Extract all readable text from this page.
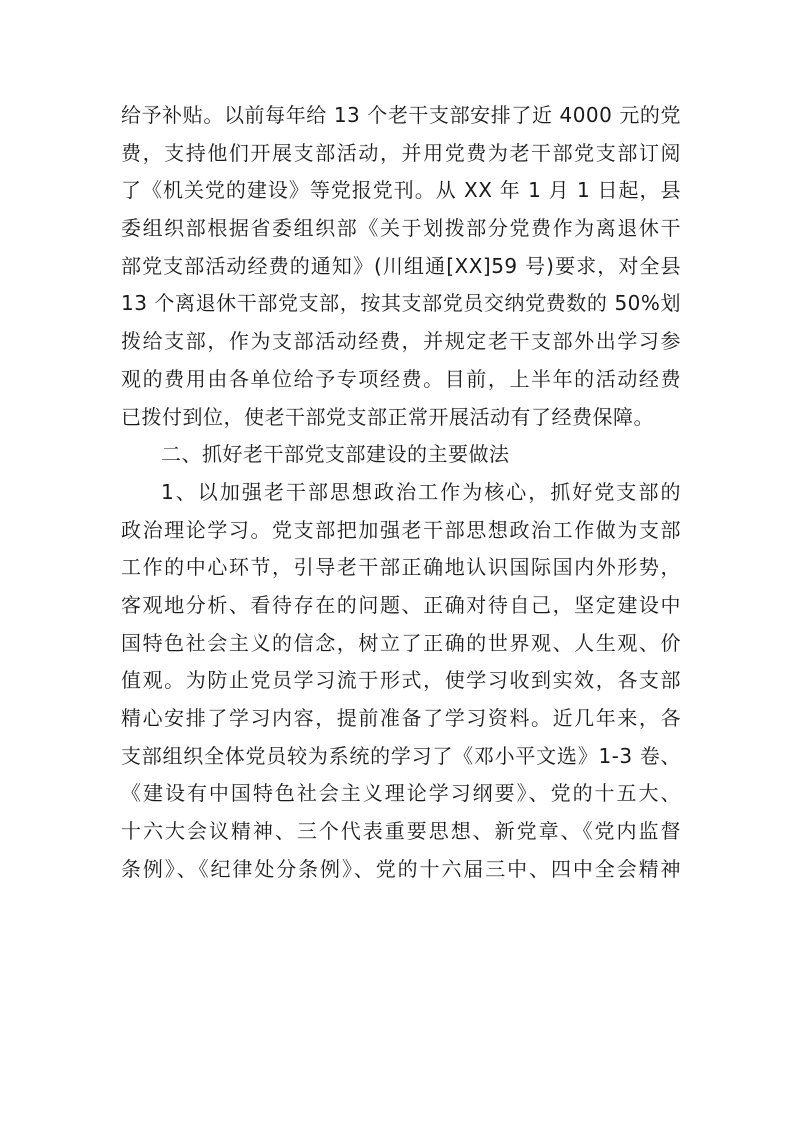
给予补贴。以前每年给 13 个老干支部安排了近 4000 元的党
费，支持他们开展支部活动，并用党费为老干部党支部订阅
了《机关党的建设》等党报党刊。从 XX 年 1 月 1 日起，县
委组织部根据省委组织部《关于划拨部分党费作为离退休干
部党支部活动经费的通知》(川组通[XX]59 号)要求，对全县
13 个离退休干部党支部，按其支部党员交纳党费数的 50%划
拨给支部，作为支部活动经费，并规定老干支部外出学习参
观的费用由各单位给予专项经费。目前，上半年的活动经费
已拨付到位，使老干部党支部正常开展活动有了经费保障。
二、抓好老干部党支部建设的主要做法
1、以加强老干部思想政治工作为核心，抓好党支部的
政治理论学习。党支部把加强老干部思想政治工作做为支部
工作的中心环节，引导老干部正确地认识国际国内外形势，
客观地分析、看待存在的问题、正确对待自己，坚定建设中
国特色社会主义的信念，树立了正确的世界观、人生观、价
值观。为防止党员学习流于形式，使学习收到实效，各支部
精心安排了学习内容，提前准备了学习资料。近几年来，各
支部组织全体党员较为系统的学习了《邓小平文选》1-3 卷、
《建设有中国特色社会主义理论学习纲要》、党的十五大、
十六大会议精神、三个代表重要思想、新党章、《党内监督
条例》、《纪律处分条例》、党的十六届三中、四中全会精神
